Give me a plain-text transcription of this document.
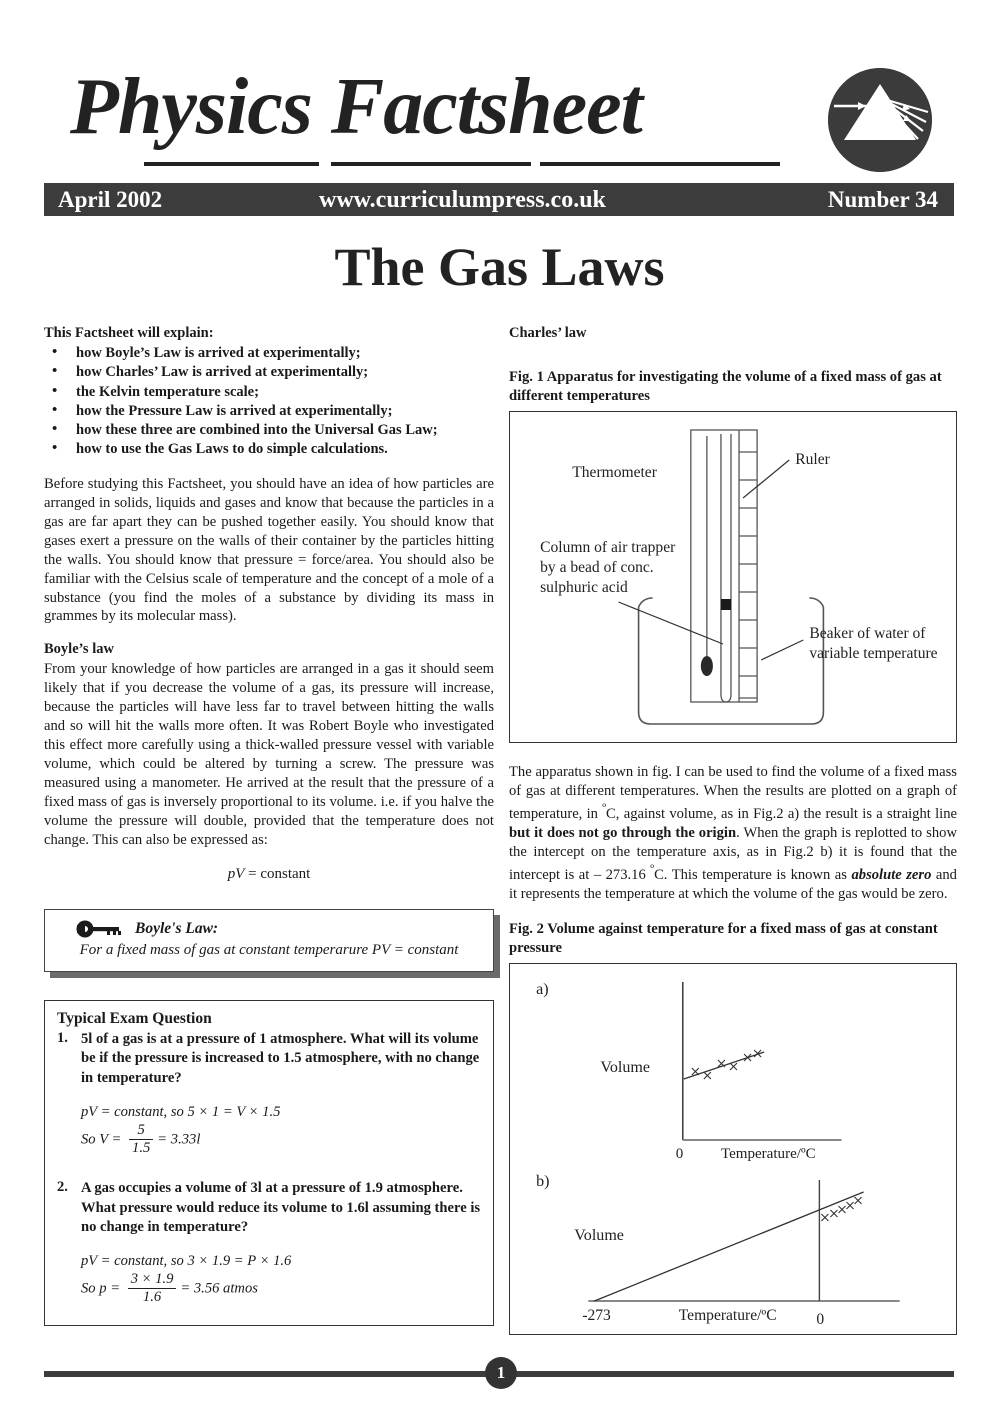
Physics Factsheet
April 2002	www.curriculumpress.co.uk	Number 34
The Gas Laws
This Factsheet will explain:
• how Boyle’s Law is arrived at experimentally;
• how Charles’ Law is arrived at experimentally;
• the Kelvin temperature scale;
• how the Pressure Law is arrived at experimentally;
• how these three are combined into the Universal Gas Law;
• how to use the Gas Laws to do simple calculations.

Before studying this Factsheet, you should have an idea of how particles are arranged in solids, liquids and gases and know that because the particles in a gas are far apart they can be pushed together easily. You should know that gases exert a pressure on the walls of their container by the particles hitting the walls. You should know that pressure = force/area. You should also be familiar with the Celsius scale of temperature and the concept of a mole of a substance (you find the moles of a substance by dividing its mass in grammes by its molecular mass).

Boyle’s law

From your knowledge of how particles are arranged in a gas it should seem likely that if you decrease the volume of a gas, its pressure will increase, because the particles will have less far to travel between hitting the walls and so will hit the walls more often. It was Robert Boyle who investigated this effect more carefully using a thick-walled pressure vessel with variable volume, which could be altered by turning a screw. The pressure was measured using a manometer. He arrived at the result that the pressure of a fixed mass of gas is inversely proportional to its volume. i.e. if you halve the volume the pressure will double, provided that the temperature does not change. This can also be expressed as:

pV = constant
Boyle's Law:
For a fixed mass of gas at constant temperarure PV = constant
Typical Exam Question
1. 5l of a gas is at a pressure of 1 atmosphere. What will its volume be if the pressure is increased to 1.5 atmosphere, with no change in temperature?
pV = constant, so 5 × 1 = V × 1.5
So $V = \frac{5}{1.5} = 3.33l$
2. A gas occupies a volume of 3l at a pressure of 1.9 atmosphere. What pressure would reduce its volume to 1.6l assuming there is no change in temperature?
pV = constant, so 3 × 1.9 = P × 1.6
So $p = \frac{3 \times 1.9}{1.6} = 3.56$ atmos
Charles’ law
Fig. 1 Apparatus for investigating the volume of a fixed mass of gas at different temperatures
Ruler
Beaker of water of
variable temperature
Thermometer
Column of air trapper
by a bead of conc.
sulphuric acid

The apparatus shown in fig. I can be used to find the volume of a fixed mass of gas at different temperatures. When the results are plotted on a graph of temperature, in $^º$C, against volume, as in Fig.2 a) the result is a straight line but it does not go through the origin. When the graph is replotted to show the intercept on the temperature axis, as in Fig.2 b) it is found that the intercept is at – 273.16 $^º$C. This temperature is known as absolute zero and it represents the temperature at which the volume of the gas would be zero.

Fig. 2 Volume against temperature for a fixed mass of gas at constant pressure
a)
Volume
0	Temperature/ºC
b)
Volume
-273	Temperature/ºC	0
1
